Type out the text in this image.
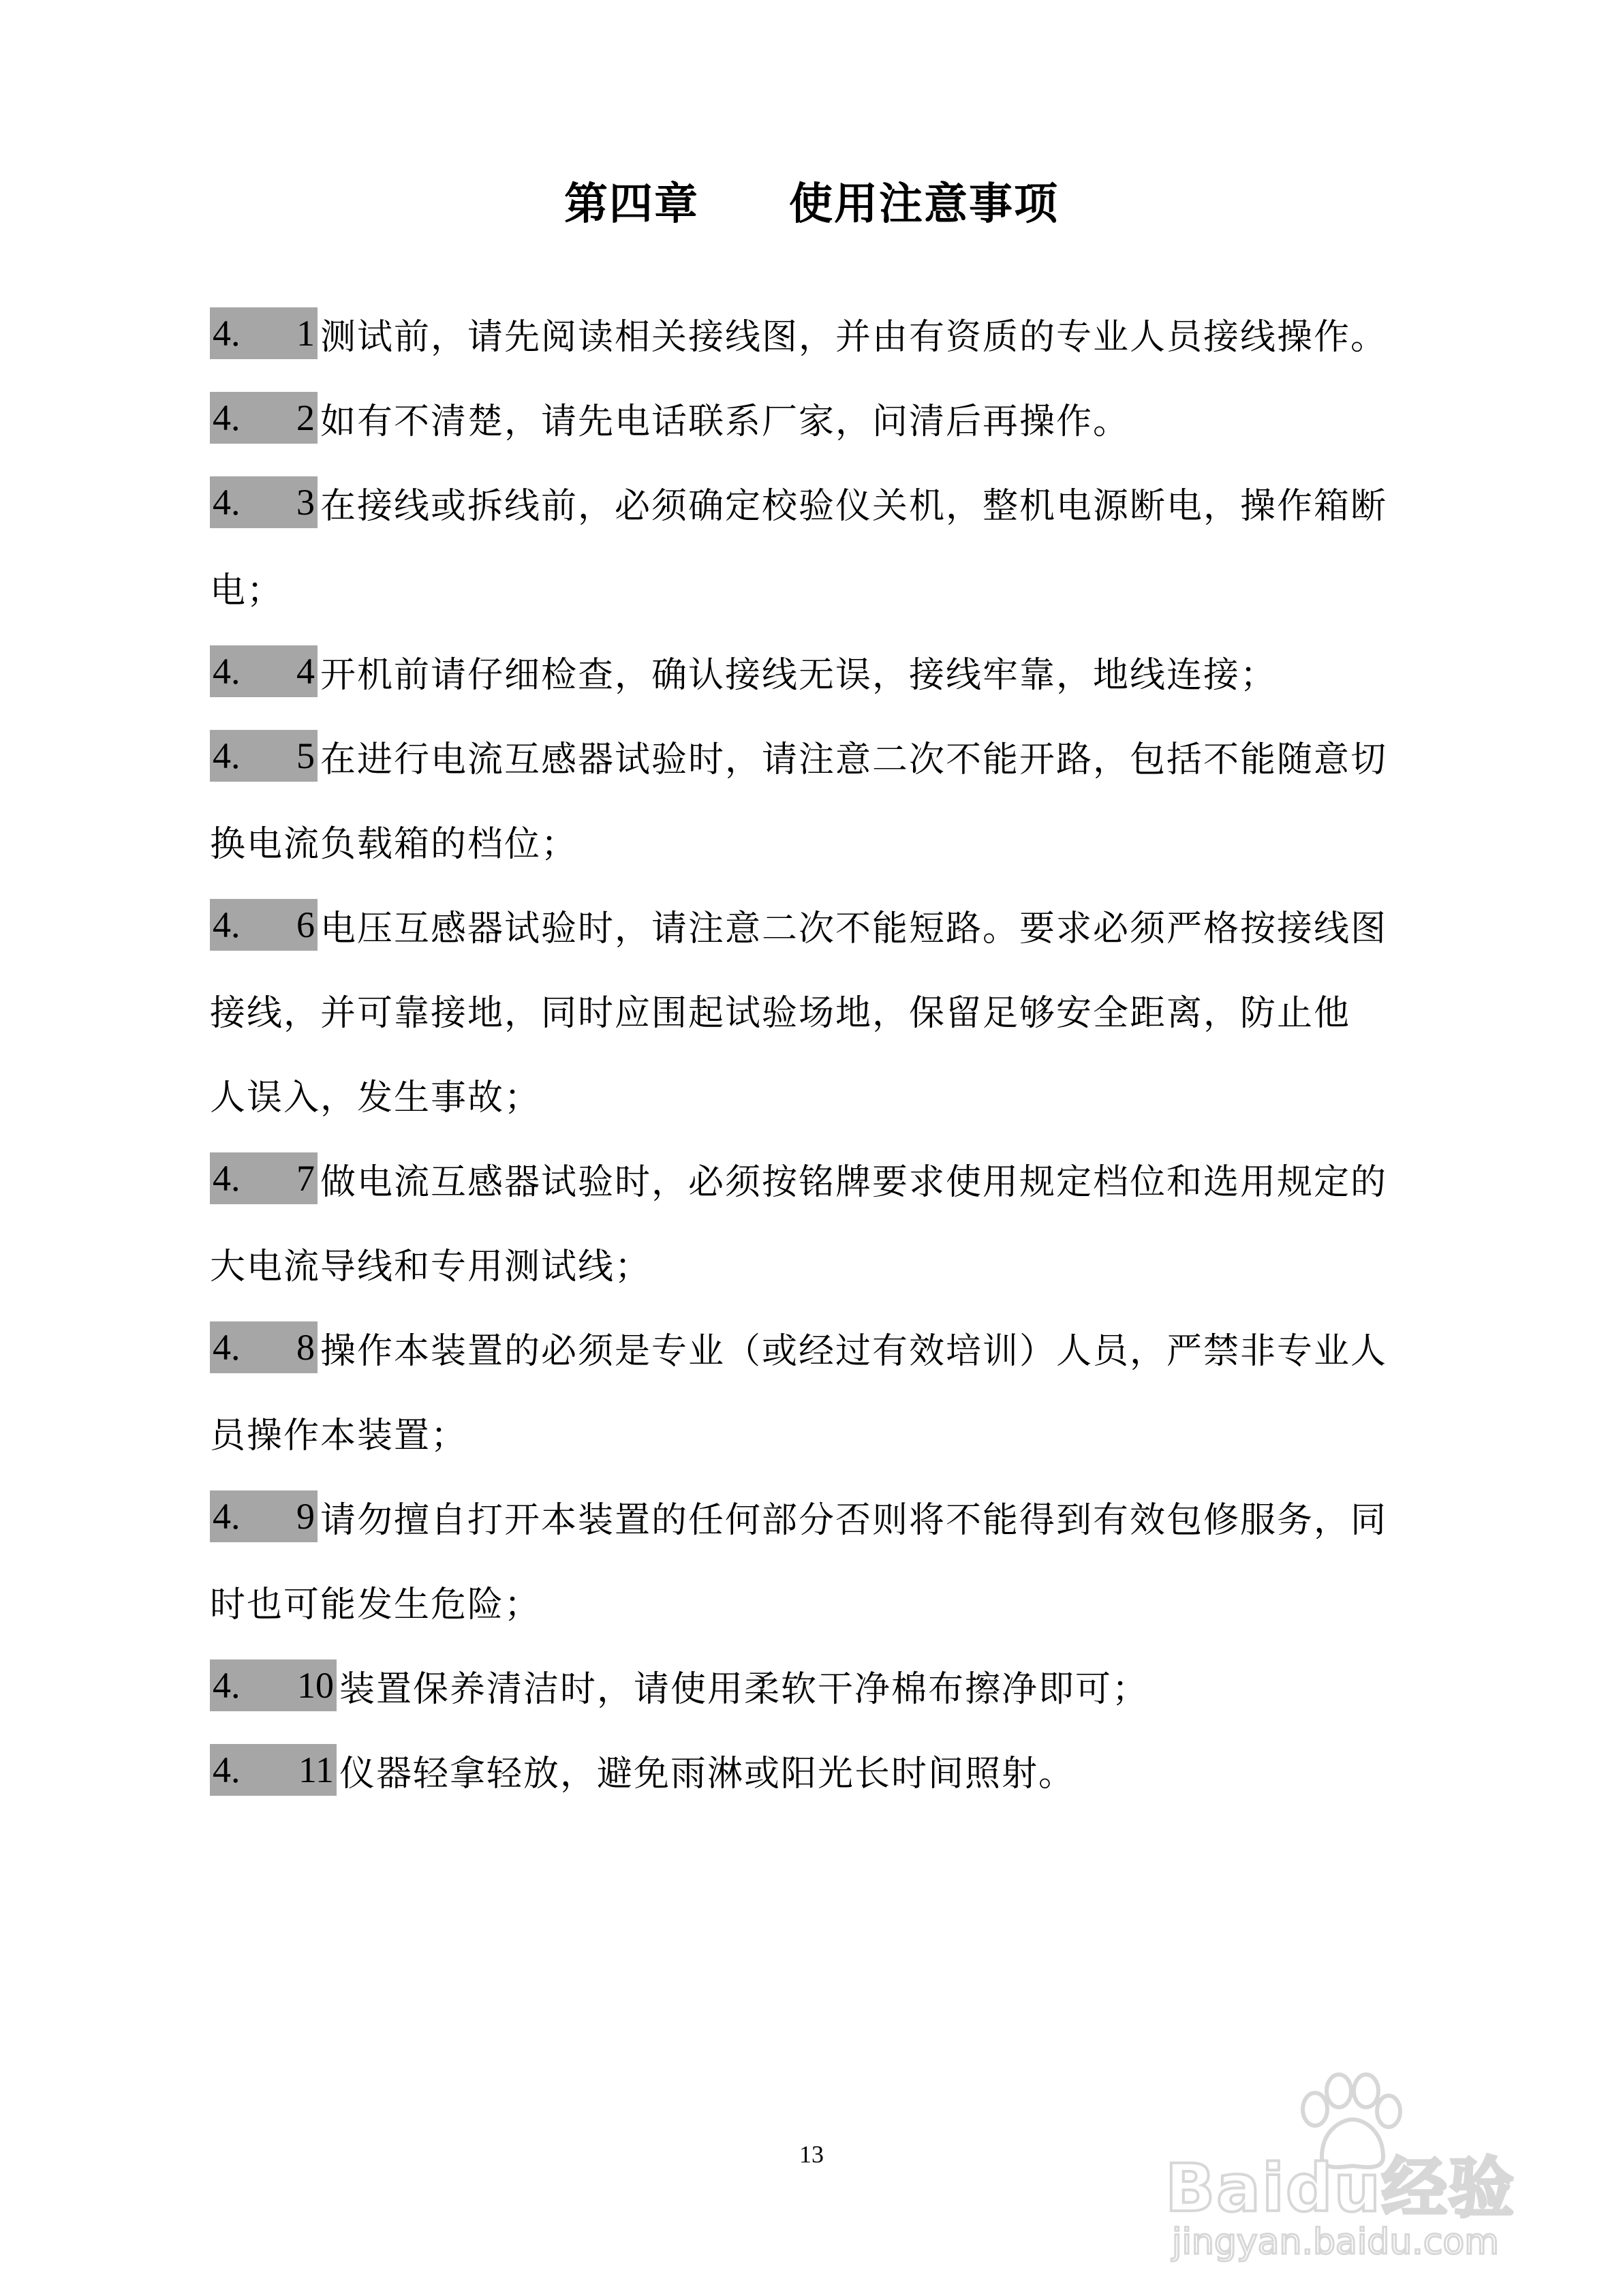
第四章　　使用注意事项
4. 1 测试前，请先阅读相关接线图，并由有资质的专业人员接线操作。
4. 2 如有不清楚，请先电话联系厂家，问清后再操作。
4. 3 在接线或拆线前，必须确定校验仪关机，整机电源断电，操作箱断
电；
4. 4 开机前请仔细检查，确认接线无误，接线牢靠，地线连接；
4. 5 在进行电流互感器试验时，请注意二次不能开路，包括不能随意切
换电流负载箱的档位；
4. 6 电压互感器试验时，请注意二次不能短路。要求必须严格按接线图
接线，并可靠接地，同时应围起试验场地，保留足够安全距离，防止他
人误入，发生事故；
4. 7 做电流互感器试验时，必须按铭牌要求使用规定档位和选用规定的
大电流导线和专用测试线；
4. 8 操作本装置的必须是专业（或经过有效培训）人员，严禁非专业人
员操作本装置；
4. 9 请勿擅自打开本装置的任何部分否则将不能得到有效包修服务，同
时也可能发生危险；
4. 10 装置保养清洁时，请使用柔软干净棉布擦净即可；
4. 11 仪器轻拿轻放，避免雨淋或阳光长时间照射。
13	Baidu经验
jingyan.baidu.com
